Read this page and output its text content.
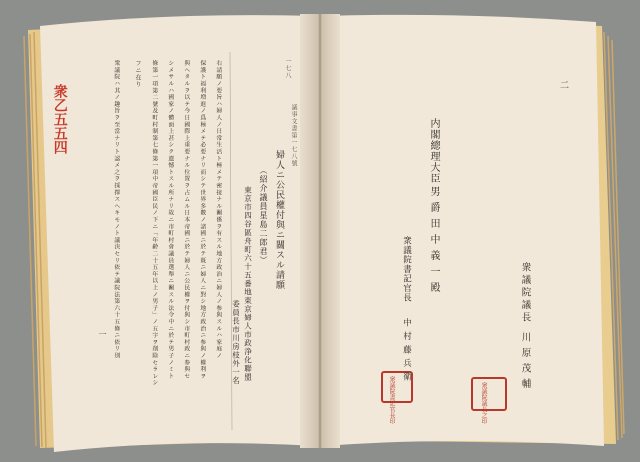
衆乙五五四	議事文書第一七八號
一七八
婦人ニ公民權付與ニ關スル請願
（紹介議員星島二郎君）
東京市四谷區舟町六十五番地東京婦人市政浄化聯盟
委員長市川房枝外一名
右請願ノ要旨ハ婦人ノ日常生活ト極メテ密接ナル關係ヲ有スル地方政治ニ婦人ノ参與スルハ家庭ノ
保護ト福利増進ノ爲極メテ必要ナリ而シテ世界多數ノ諸國ニ於テ既ニ婦人ニ對シ地方政治ニ参與ノ權利ヲ
與ヘタルヲ以テ今日國際上重要ナル位置ヲ占ムル日本帝國ニ於テ婦人ニ公民權ヲ付與シ市町村政ニ参與セ
シメサルハ國家ノ體面上甚シク遺憾トスル所ナリ故ニ市町村會議員選舉ニ關スル法令中ニ於テ男子ノミト
條第一項第二號及町村制第七條第一項中帝國臣民ノ下ニ「年齢二十五年以上ノ男子」ノ五字ヲ削除セラレシ
フニ在り
衆議院ハ其ノ趣旨ヲ至當ナリト認メ之ヲ採擇スヘキモノト議決セリ依テ議院法第六十五條ニ依リ別
一
内閣總理大臣
男爵田中義一殿
衆議院書記官長
中村藤兵衛
衆議院議長
川原茂輔
二
衆議院書記官長印	衆議院議長之印
